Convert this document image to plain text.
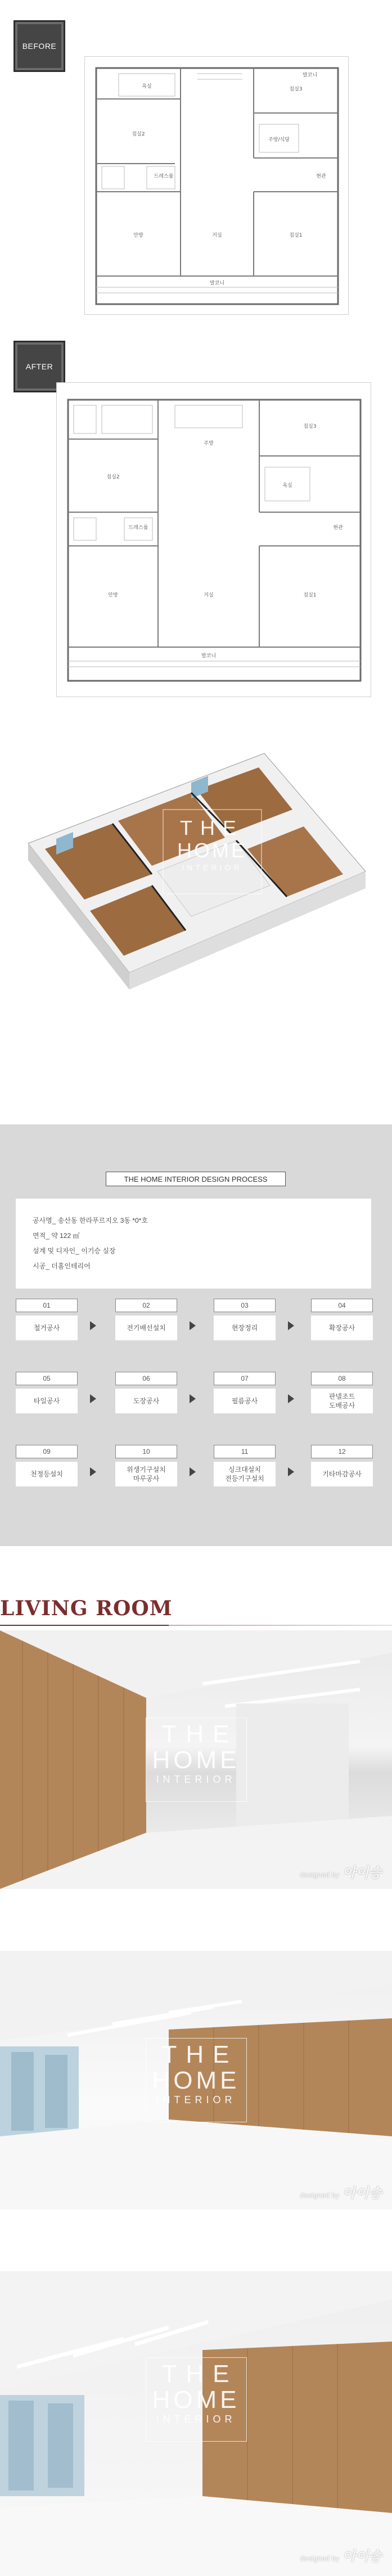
BEFORE
욕실
침실2
침실3
주방/식당
안방	거실	침실1
현관
발코니
드레스룸
발코니
AFTER
침실2
주방
침실3
안방	거실	침실1
현관
드레스룸
욕실
발코니
THE
HOME
INTERIOR
THE HOME INTERIOR DESIGN PROCESS
공사명_ 송산동 한라푸르지오 3동 *0*호
면적_ 약 122 ㎡
설계 및 디자인_ 이기승 실장
시공_ 더홈인테리어
01
철거공사
02
전기배선설치
03
현장정리
04
확장공사
05
타일공사
06
도장공사
07
필름공사
08
판넬조트
도배공사
09
천정등설치
10
위생기구설치
마루공사
11
싱크대설치
전등기구설치
12
기타마감공사
LIVING ROOM
THE
HOME
INTERIOR
designed by 아이승
THE
HOME
INTERIOR
designed by 아이승
THE
HOME
INTERIOR
designed by 아이승
